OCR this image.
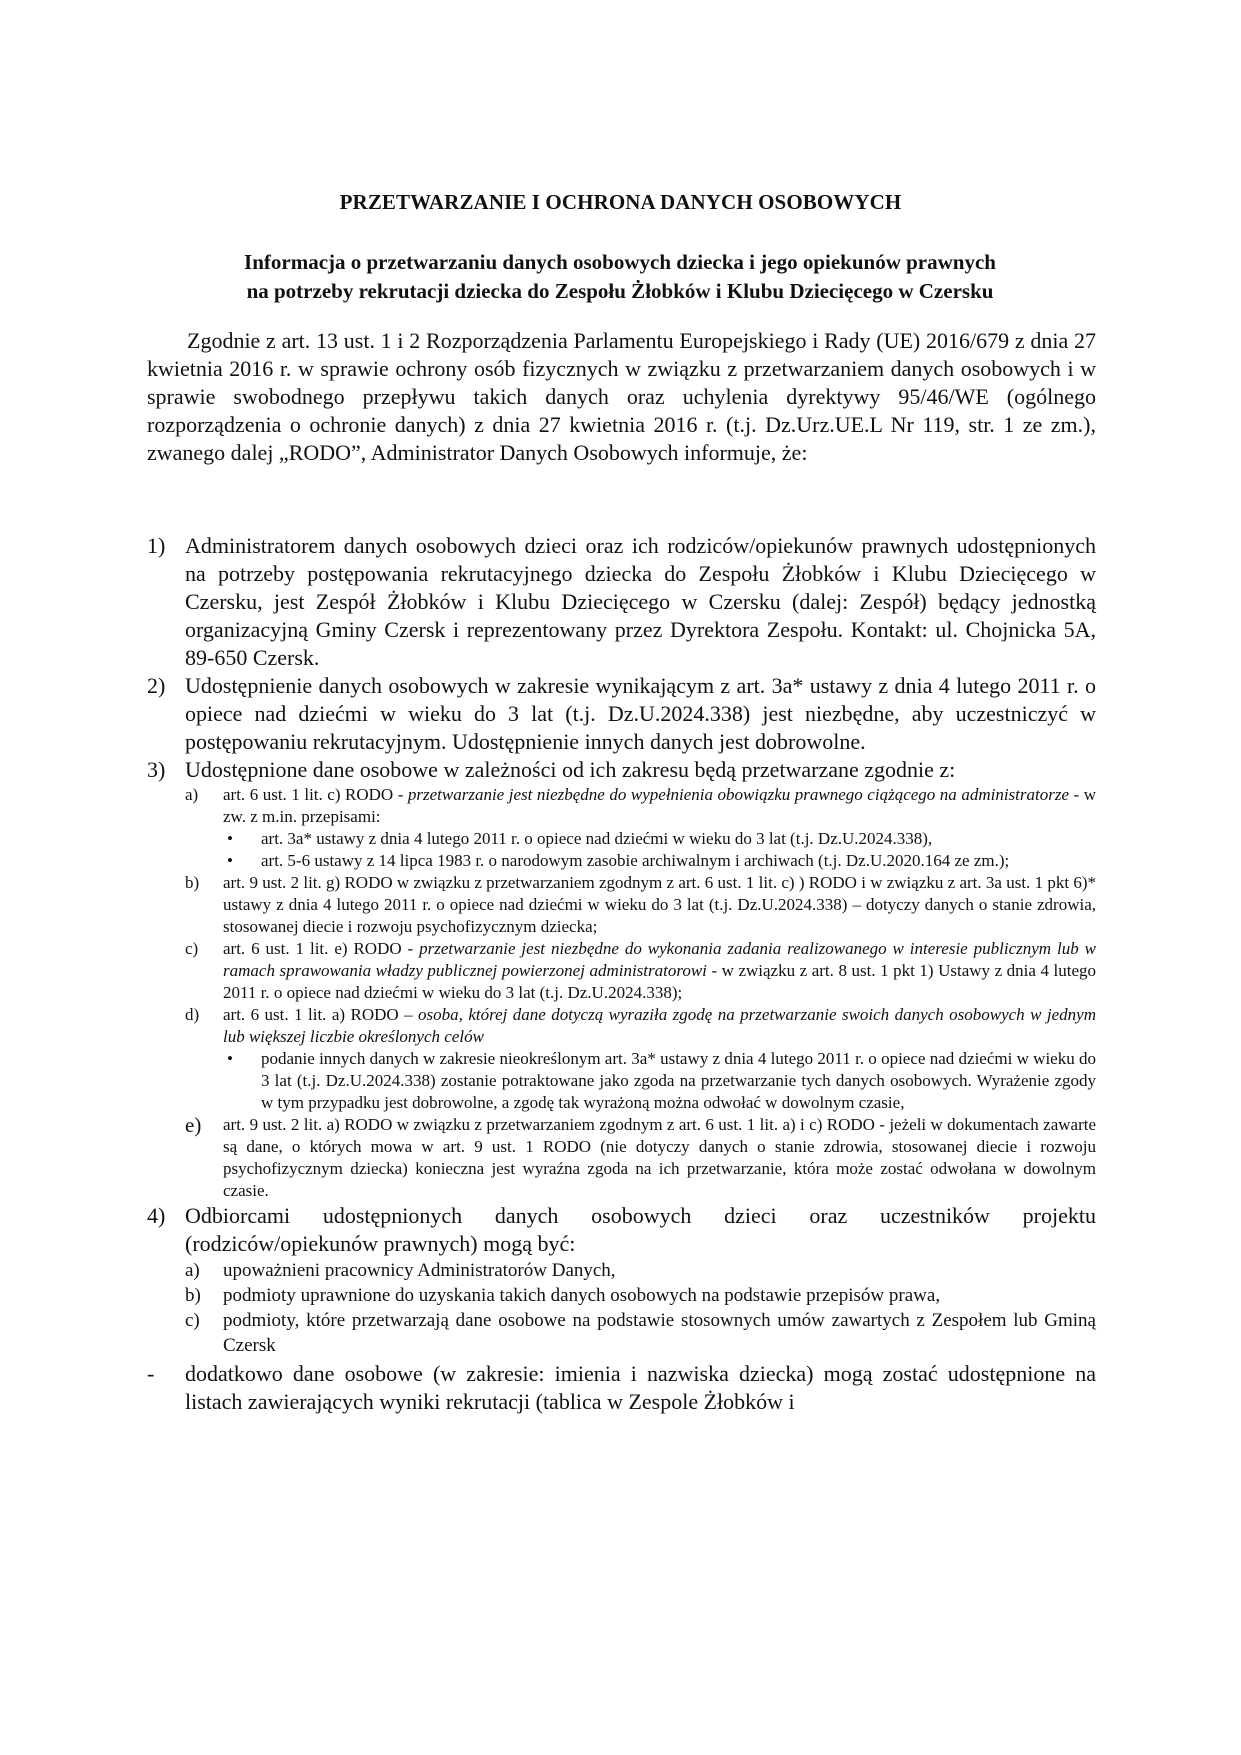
PRZETWARZANIE I OCHRONA DANYCH OSOBOWYCH
Informacja o przetwarzaniu danych osobowych dziecka i jego opiekunów prawnych
na potrzeby rekrutacji dziecka do Zespołu Żłobków i Klubu Dziecięcego w Czersku
Zgodnie z art. 13 ust. 1 i 2 Rozporządzenia Parlamentu Europejskiego i Rady (UE) 2016/679 z dnia 27 kwietnia 2016 r. w sprawie ochrony osób fizycznych w związku z przetwarzaniem danych osobowych i w sprawie swobodnego przepływu takich danych oraz uchylenia dyrektywy 95/46/WE (ogólnego rozporządzenia o ochronie danych) z dnia 27 kwietnia 2016 r. (t.j. Dz.Urz.UE.L Nr 119, str. 1 ze zm.), zwanego dalej „RODO”, Administrator Danych Osobowych informuje, że:
1) Administratorem danych osobowych dzieci oraz ich rodziców/opiekunów prawnych udostępnionych na potrzeby postępowania rekrutacyjnego dziecka do Zespołu Żłobków i Klubu Dziecięcego w Czersku, jest Zespół Żłobków i Klubu Dziecięcego w Czersku (dalej: Zespół) będący jednostką organizacyjną Gminy Czersk i reprezentowany przez Dyrektora Zespołu. Kontakt: ul. Chojnicka 5A, 89-650 Czersk.
2) Udostępnienie danych osobowych w zakresie wynikającym z art. 3a* ustawy z dnia 4 lutego 2011 r. o opiece nad dziećmi w wieku do 3 lat (t.j. Dz.U.2024.338) jest niezbędne, aby uczestniczyć w postępowaniu rekrutacyjnym. Udostępnienie innych danych jest dobrowolne.
3) Udostępnione dane osobowe w zależności od ich zakresu będą przetwarzane zgodnie z:
a) art. 6 ust. 1 lit. c) RODO - przetwarzanie jest niezbędne do wypełnienia obowiązku prawnego ciążącego na administratorze - w zw. z m.in. przepisami:
• art. 3a* ustawy z dnia 4 lutego 2011 r. o opiece nad dziećmi w wieku do 3 lat (t.j. Dz.U.2024.338),
• art. 5-6 ustawy z 14 lipca 1983 r. o narodowym zasobie archiwalnym i archiwach (t.j. Dz.U.2020.164 ze zm.);
b) art. 9 ust. 2 lit. g) RODO w związku z przetwarzaniem zgodnym z art. 6 ust. 1 lit. c) ) RODO i w związku z art. 3a ust. 1 pkt 6)* ustawy z dnia 4 lutego 2011 r. o opiece nad dziećmi w wieku do 3 lat (t.j. Dz.U.2024.338) – dotyczy danych o stanie zdrowia, stosowanej diecie i rozwoju psychofizycznym dziecka;
c) art. 6 ust. 1 lit. e) RODO - przetwarzanie jest niezbędne do wykonania zadania realizowanego w interesie publicznym lub w ramach sprawowania władzy publicznej powierzonej administratorowi - w związku z art. 8 ust. 1 pkt 1) Ustawy z dnia 4 lutego 2011 r. o opiece nad dziećmi w wieku do 3 lat (t.j. Dz.U.2024.338);
d) art. 6 ust. 1 lit. a) RODO – osoba, której dane dotyczą wyraziła zgodę na przetwarzanie swoich danych osobowych w jednym lub większej liczbie określonych celów
• podanie innych danych w zakresie nieokreślonym art. 3a* ustawy z dnia 4 lutego 2011 r. o opiece nad dziećmi w wieku do 3 lat (t.j. Dz.U.2024.338) zostanie potraktowane jako zgoda na przetwarzanie tych danych osobowych. Wyrażenie zgody w tym przypadku jest dobrowolne, a zgodę tak wyrażoną można odwołać w dowolnym czasie,
e) art. 9 ust. 2 lit. a) RODO w związku z przetwarzaniem zgodnym z art. 6 ust. 1 lit. a) i c) RODO - jeżeli w dokumentach zawarte są dane, o których mowa w art. 9 ust. 1 RODO (nie dotyczy danych o stanie zdrowia, stosowanej diecie i rozwoju psychofizycznym dziecka) konieczna jest wyraźna zgoda na ich przetwarzanie, która może zostać odwołana w dowolnym czasie.
4) Odbiorcami udostępnionych danych osobowych dzieci oraz uczestników projektu (rodziców/opiekunów prawnych) mogą być:
a) upoważnieni pracownicy Administratorów Danych,
b) podmioty uprawnione do uzyskania takich danych osobowych na podstawie przepisów prawa,
c) podmioty, które przetwarzają dane osobowe na podstawie stosownych umów zawartych z Zespołem lub Gminą Czersk
- dodatkowo dane osobowe (w zakresie: imienia i nazwiska dziecka) mogą zostać udostępnione na listach zawierających wyniki rekrutacji (tablica w Zespole Żłobków i
